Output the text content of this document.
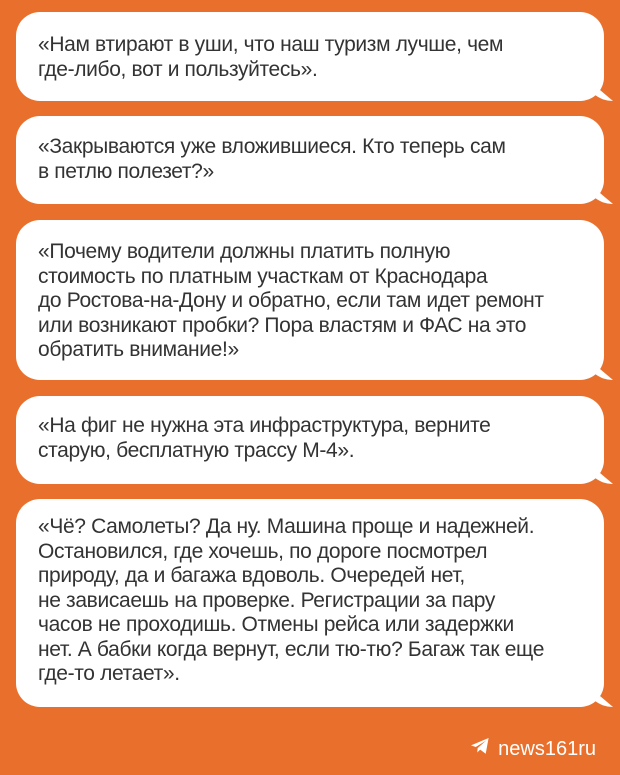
«Нам втирают в уши, что наш туризм лучше, чем
где-либо, вот и пользуйтесь».

«Закрываются уже вложившиеся. Кто теперь сам
в петлю полезет?»

«Почему водители должны платить полную
стоимость по платным участкам от Краснодара
до Ростова-на-Дону и обратно, если там идет ремонт
или возникают пробки? Пора властям и ФАС на это
обратить внимание!»

«На фиг не нужна эта инфраструктура, верните
старую, бесплатную трассу М-4».

«Чё? Самолеты? Да ну. Машина проще и надежней.
Остановился, где хочешь, по дороге посмотрел
природу, да и багажа вдоволь. Очередей нет,
не зависаешь на проверке. Регистрации за пару
часов не проходишь. Отмены рейса или задержки
нет. А бабки когда вернут, если тю-тю? Багаж так еще
где-то летает».

news161ru
